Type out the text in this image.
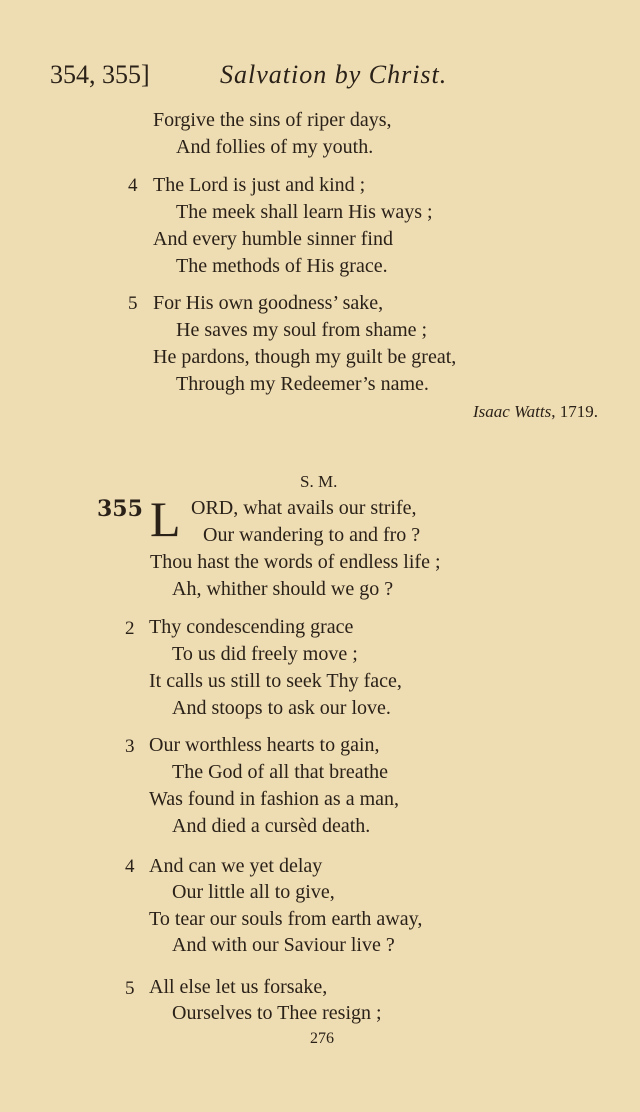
354, 355]	Salvation by Christ.
Forgive the sins of riper days,
And follies of my youth.
4 The Lord is just and kind ;
The meek shall learn His ways ;
And every humble sinner find
The methods of His grace.
5 For His own goodness’ sake,
He saves my soul from shame ;
He pardons, though my guilt be great,
Through my Redeemer’s name.
Isaac Watts, 1719.
S. M.
355 L ORD, what avails our strife,
Our wandering to and fro ?
Thou hast the words of endless life ;
Ah, whither should we go ?
2 Thy condescending grace
To us did freely move ;
It calls us still to seek Thy face,
And stoops to ask our love.
3 Our worthless hearts to gain,
The God of all that breathe
Was found in fashion as a man,
And died a cursèd death.
4 And can we yet delay
Our little all to give,
To tear our souls from earth away,
And with our Saviour live ?
5 All else let us forsake,
Ourselves to Thee resign ;
276
